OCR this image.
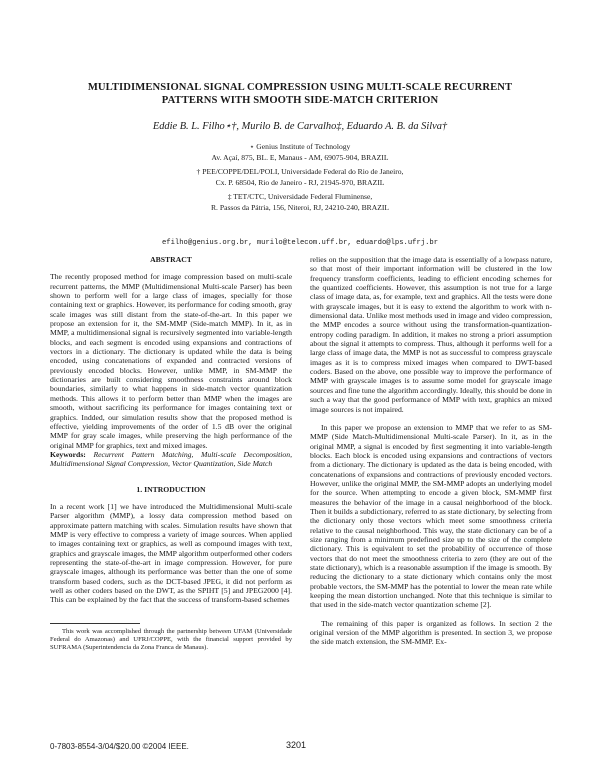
MULTIDIMENSIONAL SIGNAL COMPRESSION USING MULTI-SCALE RECURRENT
PATTERNS WITH SMOOTH SIDE-MATCH CRITERION
Eddie B. L. Filho⋆†, Murilo B. de Carvalho‡, Eduardo A. B. da Silva†
⋆ Genius Institute of Technology
Av. Açaí, 875, BL. E, Manaus - AM, 69075-904, BRAZIL
† PEE/COPPE/DEL/POLI, Universidade Federal do Rio de Janeiro,
Cx. P. 68504, Rio de Janeiro - RJ, 21945-970, BRAZIL
‡ TET/CTC, Universidade Federal Fluminense,
R. Passos da Pátria, 156, Niteroi, RJ, 24210-240, BRAZIL
efilho@genius.org.br, murilo@telecom.uff.br, eduardo@lps.ufrj.br
ABSTRACT

The recently proposed method for image compression based on multi-scale recurrent patterns, the MMP (Multidimensional Multi-scale Parser) has been shown to perform well for a large class of images, specially for those containing text or graphics. However, its performance for coding smooth, gray scale images was still distant from the state-of-the-art. In this paper we propose an extension for it, the SM-MMP (Side-match MMP). In it, as in MMP, a multidimensional signal is recursively segmented into variable-length blocks, and each segment is encoded using expansions and contractions of vectors in a dictionary. The dictionary is updated while the data is being encoded, using concatenations of expanded and contracted versions of previously encoded blocks. However, unlike MMP, in SM-MMP the dictionaries are built considering smoothness constraints around block boundaries, similarly to what happens in side-match vector quantization methods. This allows it to perform better than MMP when the images are smooth, without sacrificing its performance for images containing text or graphics. Indded, our simulation results show that the proposed method is effective, yielding improvements of the order of 1.5 dB over the original MMP for gray scale images, while preserving the high performance of the original MMP for graphics, text and mixed images.

Keywords: Recurrent Pattern Matching, Multi-scale Decomposition, Multidimensional Signal Compression, Vector Quantization, Side Match

1. INTRODUCTION

In a recent work [1] we have introduced the Multidimensional Multi-scale Parser algorithm (MMP), a lossy data compression method based on approximate pattern matching with scales. Simulation results have shown that MMP is very effective to compress a variety of image sources. When applied to images containing text or graphics, as well as compound images with text, graphics and grayscale images, the MMP algorithm outperformed other coders representing the state-of-the-art in image compression. However, for pure grayscale images, although its performance was better than the one of some transform based coders, such as the DCT-based JPEG, it did not perform as well as other coders based on the DWT, as the SPIHT [5] and JPEG2000 [4]. This can be explained by the fact that the success of transform-based schemes

This work was accomplished through the partnership between UFAM (Universidade Federal do Amazonas) and UFRJ/COPPE, with the financial support provided by SUFRAMA (Superintendencia da Zona Franca de Manaus).

relies on the supposition that the image data is essentially of a lowpass nature, so that most of their important information will be clustered in the low frequency transform coefficients, leading to efficient encoding schemes for the quantized coefficients. However, this assumption is not true for a large class of image data, as, for example, text and graphics. All the tests were done with grayscale images, but it is easy to extend the algorithm to work with n-dimensional data. Unlike most methods used in image and video compression, the MMP encodes a source without using the transformation-quantization-entropy coding paradigm. In addition, it makes no strong a priori assumption about the signal it attempts to compress. Thus, although it performs well for a large class of image data, the MMP is not as successful to compress grayscale images as it is to compress mixed images when compared to DWT-based coders. Based on the above, one possible way to improve the performance of MMP with grayscale images is to assume some model for grayscale image sources and fine tune the algorithm accordingly. Ideally, this should be done in such a way that the good performance of MMP with text, graphics an mixed image sources is not impaired.

In this paper we propose an extension to MMP that we refer to as SM-MMP (Side Match-Multidimensional Multi-scale Parser). In it, as in the original MMP, a signal is encoded by first segmenting it into variable-length blocks. Each block is encoded using expansions and contractions of vectors from a dictionary. The dictionary is updated as the data is being encoded, with concatenations of expansions and contractions of previously encoded vectors. However, unlike the original MMP, the SM-MMP adopts an underlying model for the source. When attempting to encode a given block, SM-MMP first measures the behavior of the image in a causal neighborhood of the block. Then it builds a subdictionary, referred to as state dictionary, by selecting from the dictionary only those vectors which meet some smoothness criteria relative to the causal neighborhood. This way, the state dictionary can be of a size ranging from a minimum predefined size up to the size of the complete dictionary. This is equivalent to set the probability of occurrence of those vectors that do not meet the smoothness criteria to zero (they are out of the state dictionary), which is a reasonable assumption if the image is smooth. By reducing the dictionary to a state dictionary which contains only the most probable vectors, the SM-MMP has the potential to lower the mean rate while keeping the mean distortion unchanged. Note that this technique is similar to that used in the side-match vector quantization scheme [2].

The remaining of this paper is organized as follows. In section 2 the original version of the MMP algorithm is presented. In section 3, we propose the side match extension, the SM-MMP. Ex-

0-7803-8554-3/04/$20.00 ©2004 IEEE.	3201
